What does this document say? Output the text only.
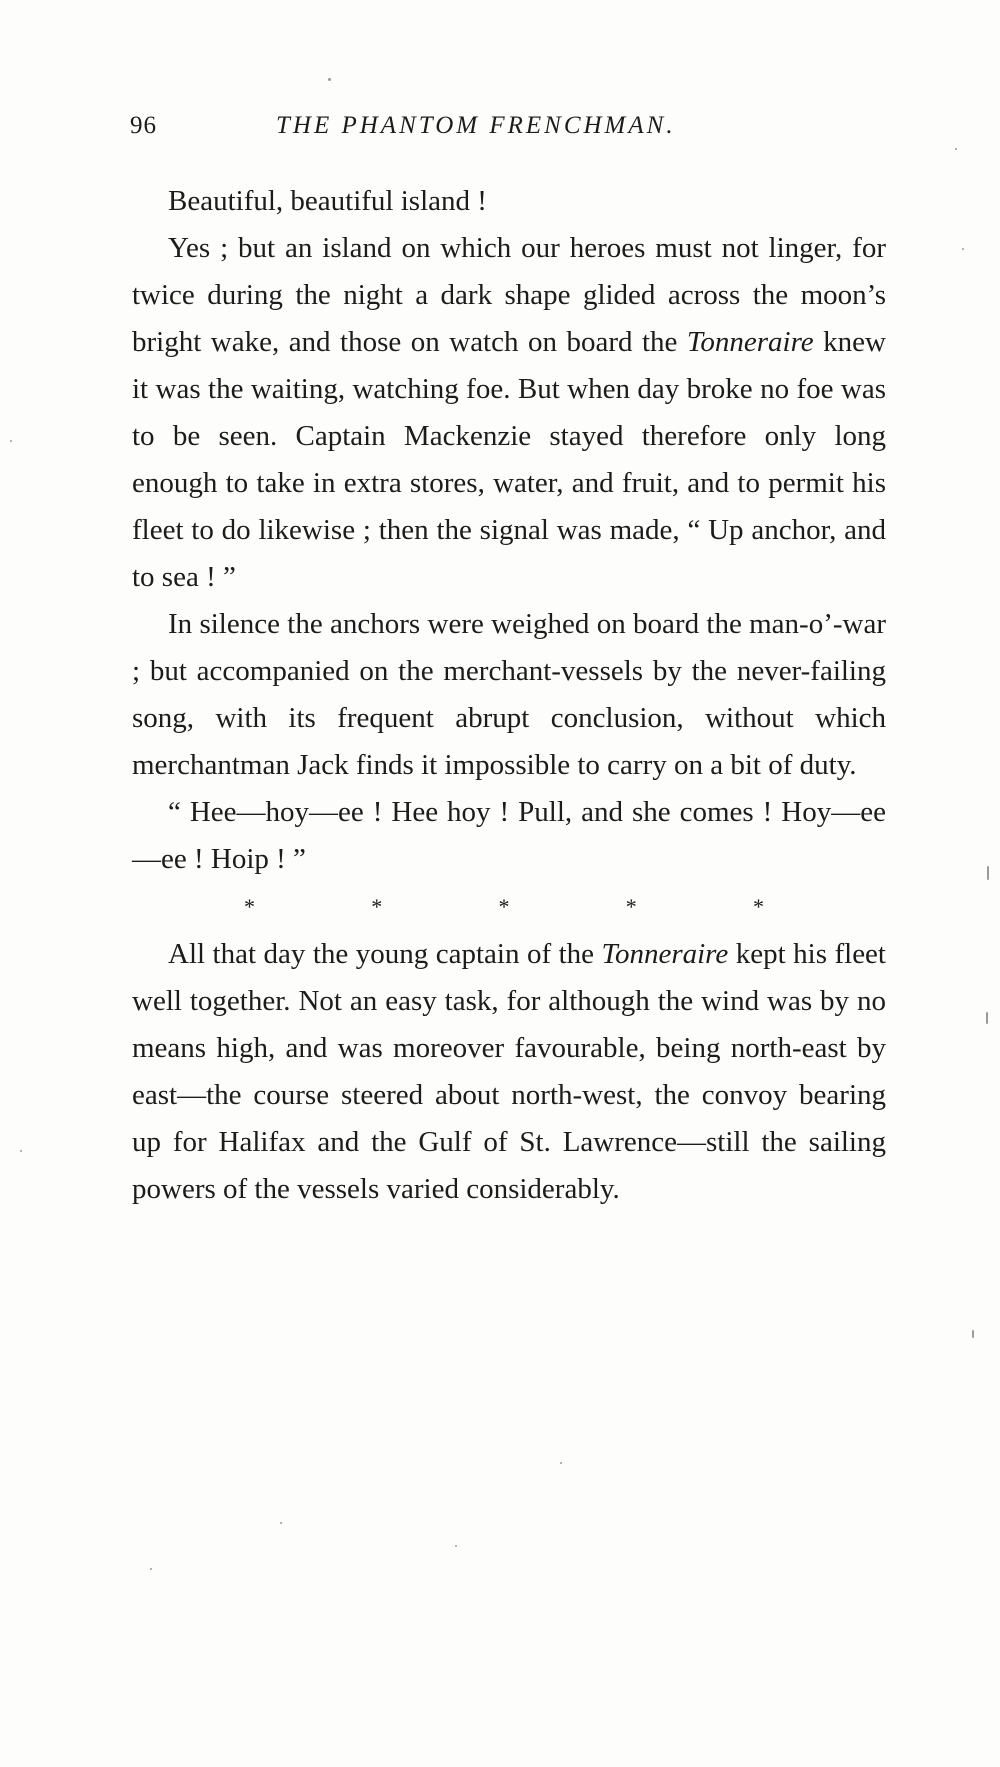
96	THE PHANTOM FRENCHMAN.

Beautiful, beautiful island !

Yes ; but an island on which our heroes must not linger, for twice during the night a dark shape glided across the moon’s bright wake, and those on watch on board the Tonneraire knew it was the waiting, watching foe. But when day broke no foe was to be seen. Captain Mackenzie stayed therefore only long enough to take in extra stores, water, and fruit, and to permit his fleet to do likewise ; then the signal was made, “ Up anchor, and to sea ! ”

In silence the anchors were weighed on board the man-o’-war ; but accompanied on the merchant-vessels by the never-failing song, with its frequent abrupt conclusion, without which merchantman Jack finds it impossible to carry on a bit of duty.

“ Hee—hoy—ee ! Hee hoy ! Pull, and she comes ! Hoy—ee—ee ! Hoip ! ”

*	*	*	*	*

All that day the young captain of the Tonneraire kept his fleet well together. Not an easy task, for although the wind was by no means high, and was moreover favourable, being north-east by east—the course steered about north-west, the convoy bearing up for Halifax and the Gulf of St. Lawrence—still the sailing powers of the vessels varied considerably.
